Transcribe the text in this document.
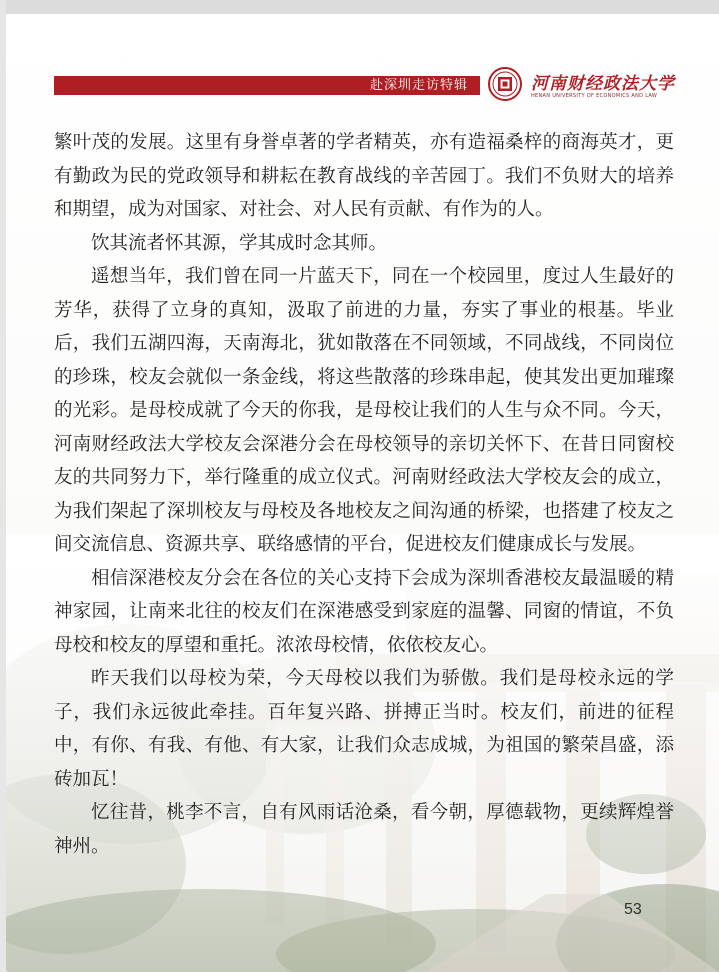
赴深圳走访特辑	河南财经政法大学
HENAN UNIVERSITY OF ECONOMICS AND LAW

繁叶茂的发展。这里有身誉卓著的学者精英，亦有造福桑梓的商海英才，更有勤政为民的党政领导和耕耘在教育战线的辛苦园丁。我们不负财大的培养和期望，成为对国家、对社会、对人民有贡献、有作为的人。

饮其流者怀其源，学其成时念其师。

遥想当年，我们曾在同一片蓝天下，同在一个校园里，度过人生最好的芳华，获得了立身的真知，汲取了前进的力量，夯实了事业的根基。毕业后，我们五湖四海，天南海北，犹如散落在不同领域，不同战线，不同岗位的珍珠，校友会就似一条金线，将这些散落的珍珠串起，使其发出更加璀璨的光彩。是母校成就了今天的你我，是母校让我们的人生与众不同。今天，河南财经政法大学校友会深港分会在母校领导的亲切关怀下、在昔日同窗校友的共同努力下，举行隆重的成立仪式。河南财经政法大学校友会的成立，为我们架起了深圳校友与母校及各地校友之间沟通的桥梁，也搭建了校友之间交流信息、资源共享、联络感情的平台，促进校友们健康成长与发展。

相信深港校友分会在各位的关心支持下会成为深圳香港校友最温暖的精神家园，让南来北往的校友们在深港感受到家庭的温馨、同窗的情谊，不负母校和校友的厚望和重托。浓浓母校情，依依校友心。

昨天我们以母校为荣，今天母校以我们为骄傲。我们是母校永远的学子，我们永远彼此牵挂。百年复兴路、拼搏正当时。校友们，前进的征程中，有你、有我、有他、有大家，让我们众志成城，为祖国的繁荣昌盛，添砖加瓦！

忆往昔，桃李不言，自有风雨话沧桑，看今朝，厚德载物，更续辉煌誉神州。

53
